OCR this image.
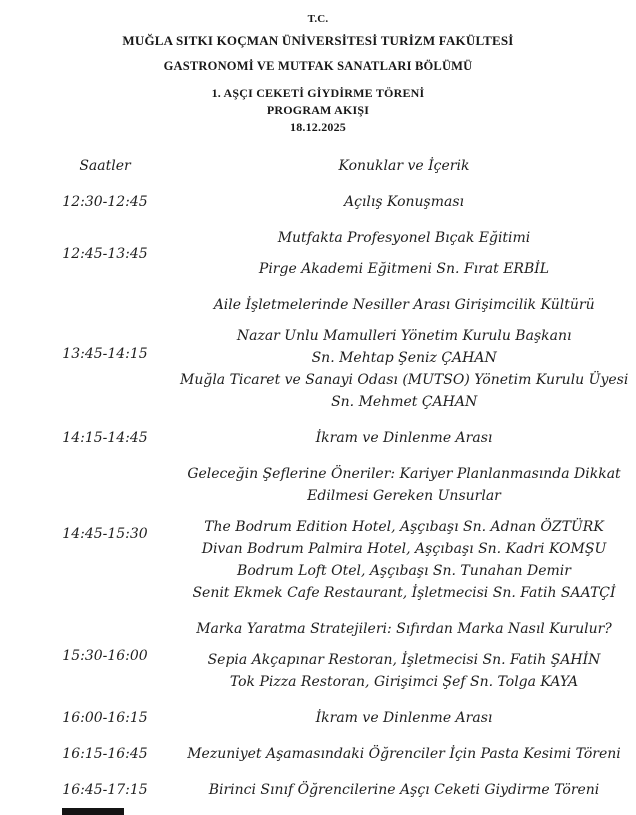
T.C.
MUĞLA SITKI KOÇMAN ÜNİVERSİTESİ TURİZM FAKÜLTESİ
GASTRONOMİ VE MUTFAK SANATLARI BÖLÜMÜ
1. AŞÇI CEKETİ GİYDİRME TÖRENİ
PROGRAM AKIŞI
18.12.2025
Saatler	Konuklar ve İçerik
12:30-12:45	Açılış Konuşması
12:45-13:45
Mutfakta Profesyonel Bıçak Eğitimi
Pirge Akademi Eğitmeni Sn. Fırat ERBİL
13:45-14:15
Aile İşletmelerinde Nesiller Arası Girişimcilik Kültürü
Nazar Unlu Mamulleri Yönetim Kurulu Başkanı
Sn. Mehtap Şeniz ÇAHAN
Muğla Ticaret ve Sanayi Odası (MUTSO) Yönetim Kurulu Üyesi
Sn. Mehmet ÇAHAN
14:15-14:45	İkram ve Dinlenme Arası
14:45-15:30
Geleceğin Şeflerine Öneriler: Kariyer Planlanmasında Dikkat
Edilmesi Gereken Unsurlar
The Bodrum Edition Hotel, Aşçıbaşı Sn. Adnan ÖZTÜRK
Divan Bodrum Palmira Hotel, Aşçıbaşı Sn. Kadri KOMŞU
Bodrum Loft Otel, Aşçıbaşı Sn. Tunahan Demir
Senit Ekmek Cafe Restaurant, İşletmecisi Sn. Fatih SAATÇİ
15:30-16:00
Marka Yaratma Stratejileri: Sıfırdan Marka Nasıl Kurulur?
Sepia Akçapınar Restoran, İşletmecisi Sn. Fatih ŞAHİN
Tok Pizza Restoran, Girişimci Şef Sn. Tolga KAYA
16:00-16:15	İkram ve Dinlenme Arası
16:15-16:45	Mezuniyet Aşamasındaki Öğrenciler İçin Pasta Kesimi Töreni
16:45-17:15	Birinci Sınıf Öğrencilerine Aşçı Ceketi Giydirme Töreni
